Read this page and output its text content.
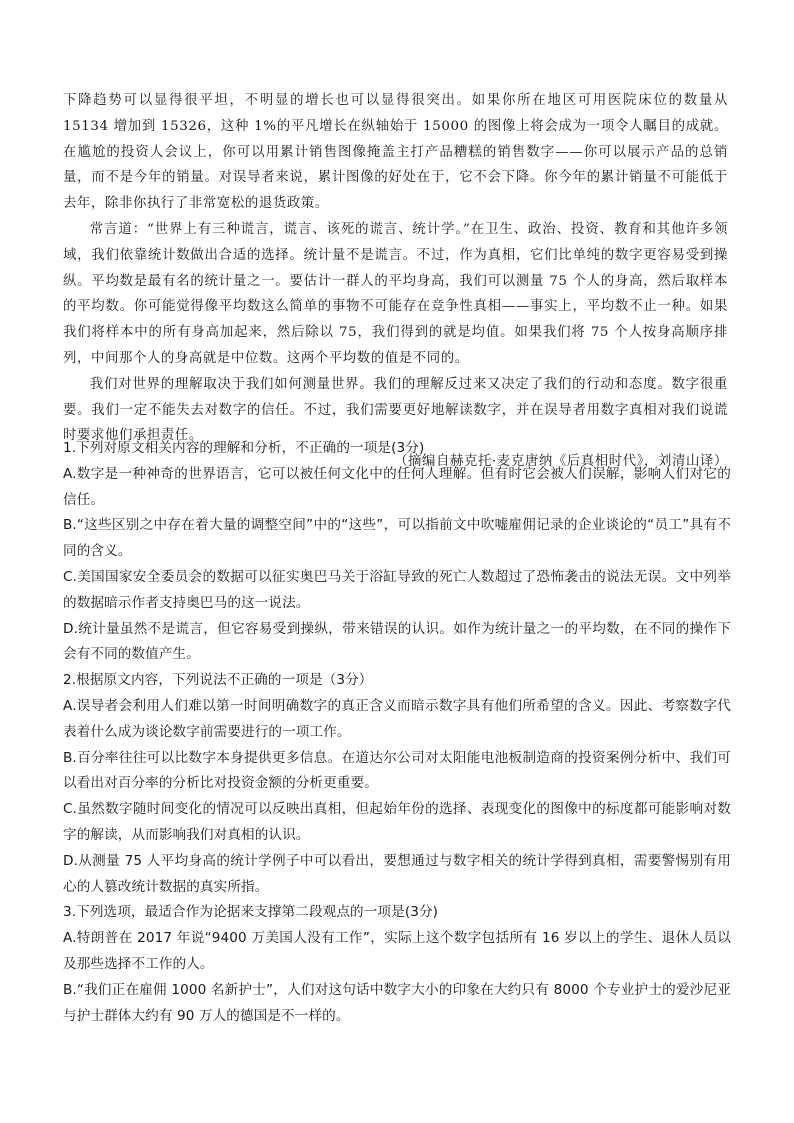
下降趋势可以显得很平坦，不明显的增长也可以显得很突出。如果你所在地区可用医院床位的数量从 15134 增加到 15326，这种 1%的平凡增长在纵轴始于 15000 的图像上将会成为一项令人瞩目的成就。在尴尬的投资人会议上，你可以用累计销售图像掩盖主打产品糟糕的销售数字——你可以展示产品的总销量，而不是今年的销量。对误导者来说，累计图像的好处在于，它不会下降。你今年的累计销量不可能低于去年，除非你执行了非常宽松的退货政策。

常言道：“世界上有三种谎言，谎言、该死的谎言、统计学。”在卫生、政治、投资、教育和其他许多领域，我们依靠统计数做出合适的选择。统计量不是谎言。不过，作为真相，它们比单纯的数字更容易受到操纵。平均数是最有名的统计量之一。要估计一群人的平均身高，我们可以测量 75 个人的身高，然后取样本的平均数。你可能觉得像平均数这么简单的事物不可能存在竞争性真相——事实上，平均数不止一种。如果我们将样本中的所有身高加起来，然后除以 75，我们得到的就是均值。如果我们将 75 个人按身高顺序排列，中间那个人的身高就是中位数。这两个平均数的值是不同的。

我们对世界的理解取决于我们如何测量世界。我们的理解反过来又决定了我们的行动和态度。数字很重要。我们一定不能失去对数字的信任。不过，我们需要更好地解读数字，并在误导者用数字真相对我们说谎时要求他们承担责任。

（摘编自赫克托·麦克唐纳《后真相时代》，刘清山译）

1.下列对原文相关内容的理解和分析，不正确的一项是(3分)

A.数字是一种神奇的世界语言，它可以被任何文化中的任何人理解。但有时它会被人们误解，影响人们对它的信任。

B.“这些区别之中存在着大量的调整空间”中的“这些”，可以指前文中吹嘘雇佣记录的企业谈论的“员工”具有不同的含义。

C.美国国家安全委员会的数据可以征实奥巴马关于浴缸导致的死亡人数超过了恐怖袭击的说法无误。文中列举的数据暗示作者支持奥巴马的这一说法。

D.统计量虽然不是谎言，但它容易受到操纵，带来错误的认识。如作为统计量之一的平均数，在不同的操作下会有不同的数值产生。

2.根据原文内容，下列说法不正确的一项是（3分）

A.误导者会利用人们难以第一时间明确数字的真正含义而暗示数字具有他们所希望的含义。因此、考察数字代表着什么成为谈论数字前需要进行的一项工作。

B.百分率往往可以比数字本身提供更多信息。在道达尔公司对太阳能电池板制造商的投资案例分析中、我们可以看出对百分率的分析比对投资金额的分析更重要。

C.虽然数字随时间变化的情况可以反映出真相，但起始年份的选择、表现变化的图像中的标度都可能影响对数字的解读，从而影响我们对真相的认识。

D.从测量 75 人平均身高的统计学例子中可以看出，要想通过与数字相关的统计学得到真相，需要警惕别有用心的人篡改统计数据的真实所指。

3.下列选项，最适合作为论据来支撑第二段观点的一项是(3分)

A.特朗普在 2017 年说“9400 万美国人没有工作”，实际上这个数字包括所有 16 岁以上的学生、退休人员以及那些选择不工作的人。

B.“我们正在雇佣 1000 名新护士”，人们对这句话中数字大小的印象在大约只有 8000 个专业护士的爱沙尼亚与护士群体大约有 90 万人的德国是不一样的。
